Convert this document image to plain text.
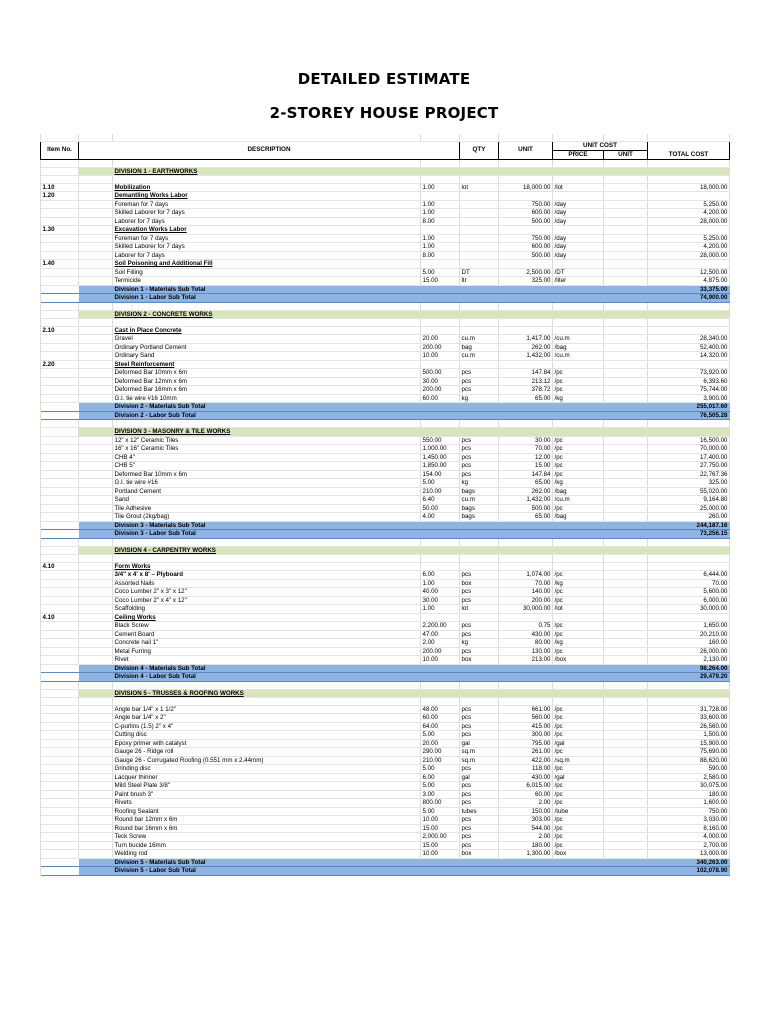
DETAILED ESTIMATE
2-STOREY HOUSE PROJECT

Item No.	DESCRIPTION			QTY	UNIT	UNIT COST		TOTAL COST
						PRICE	UNIT	

		DIVISION 1 - EARTHWORKS						

1.10		Mobilization	1.00	lot	18,000.00	/lot		18,000.00
1.20		Demantling Works Labor						
		Foreman for 7 days	1.00		750.00	/day		5,250.00
		Skilled Laborer for 7 days	1.00		600.00	/day		4,200.00
		Laborer for 7 days	8.00		500.00	/day		28,000.00
1.30		Excavation Works Labor						
		Foreman for 7 days	1.00		750.00	/day		5,250.00
		Skilled Laborer for 7 days	1.00		600.00	/day		4,200.00
		Laborer for 7 days	8.00		500.00	/day		28,000.00
1.40		Soil Poisoning and Additional Fill						
		Soil Filling	5.00	DT	2,500.00	/DT		12,500.00
		Termicide	15.00	ltr	325.00	/liter		4,875.00
		Division 1 - Materials Sub Total						33,375.00
		Division 1 - Labor Sub Total						74,900.00

		DIVISION 2 - CONCRETE WORKS						

2.10		Cast in Place Concrete						
		Gravel	20.00	cu.m	1,417.00	/cu.m		28,340.00
		Ordinary Portland Cement	200.00	bag	262.00	/bag		52,400.00
		Ordinary Sand	10.00	cu.m	1,432.00	/cu.m		14,320.00
2.20		Steel Reinforcement						
		Deformed Bar 10mm x 6m	500.00	pcs	147.84	/pc		73,920.00
		Deformed Bar 12mm x 6m	30.00	pcs	213.12	/pc		6,393.60
		Deformed Bar 16mm x 6m	200.00	pcs	378.72	/pc		75,744.00
		G.I. tie wire #16 10mm	60.00	kg	65.00	/kg		3,900.00
		Division 2 - Materials Sub Total						255,017.60
		Division 2 - Labor Sub Total						76,505.28

		DIVISION 3 - MASONRY & TILE WORKS						
		12" x 12" Ceramic Tiles	550.00	pcs	30.00	/pc		16,500.00
		16" x 16" Ceramic Tiles	1,000.00	pcs	70.00	/pc		70,000.00
		CHB 4"	1,450.00	pcs	12.00	/pc		17,400.00
		CHB 5"	1,850.00	pcs	15.00	/pc		27,750.00
		Deformed Bar 10mm x 6m	154.00	pcs	147.84	/pc		22,767.36
		G.I. tie wire #16	5.00	kg	65.00	/kg		325.00
		Portland Cement	210.00	bags	262.00	/bag		55,020.00
		Sand	6.40	cu.m	1,432.00	/cu.m		9,164.80
		Tile Adhesive	50.00	bags	500.00	/pc		25,000.00
		Tile Grout (2kg/bag)	4.00	bags	65.00	/bag		260.00
		Division 3 - Materials Sub Total						244,187.16
		Division 3 - Labor Sub Total						73,256.15

		DIVISION 4 - CARPENTRY WORKS						

4.10		Form Works						
		3/4" x 4' x 8' – Plyboard	6.00	pcs	1,074.00	/pc		6,444.00
		Assorted Nails	1.00	box	70.00	/kg		70.00
		Coco Lumber 2" x 3" x 12"	40.00	pcs	140.00	/pc		5,600.00
		Coco Lumber 2" x 4" x 12"	30.00	pcs	200.00	/pc		6,000.00
		Scaffolding	1.00	lot	30,000.00	/lot		30,000.00
4.10		Ceiling Works						
		Black Screw	2,200.00	pcs	0.75	/pc		1,650.00
		Cement Board	47.00	pcs	430.00	/pc		20,210.00
		Concrete nail 1"	2.00	kg	80.00	/kg		160.00
		Metal Furring	200.00	pcs	130.00	/pc		26,000.00
		Rivet	10.00	box	213.00	/box		2,130.00
		Division 4 - Materials Sub Total						98,264.00
		Division 4 - Labor Sub Total						29,479.20

		DIVISION 5 - TRUSSES & ROOFING WORKS						

		Angle bar 1/4" x 1 1/2"	48.00	pcs	661.00	/pc		31,728.00
		Angle bar 1/4" x 2"	60.00	pcs	560.00	/pc		33,600.00
		C-purlins (1.5) 2" x 4"	64.00	pcs	415.00	/pc		26,560.00
		Cutting disc	5.00	pcs	300.00	/pc		1,500.00
		Epoxy primer with catalyst	20.00	gal	795.00	/gal		15,900.00
		Gauge 26 - Ridge roll	290.00	sq.m	261.00	/pc		75,690.00
		Gauge 26 - Corrugated Roofing (0.551 mm x 2.44mm)	210.00	sq.m	422.00	/sq.m		88,620.00
		Grinding disc	5.00	pcs	118.00	/pc		590.00
		Lacquer thinner	6.00	gal	430.00	/gal		2,580.00
		Mild Steel Plate 3/8"	5.00	pcs	6,015.00	/pc		30,075.00
		Paint brush 3"	3.00	pcs	60.00	/pc		180.00
		Rivets	800.00	pcs	2.00	/pc		1,600.00
		Roofing Sealant	5.00	tubes	150.00	/tube		750.00
		Round bar 12mm x 6m	10.00	pcs	303.00	/pc		3,030.00
		Round bar 16mm x 6m	15.00	pcs	544.00	/pc		8,160.00
		Teck Screw	2,000.00	pcs	2.00	/pc		4,000.00
		Turn bucide 16mm	15.00	pcs	180.00	/pc		2,700.00
		Welding rod	10.00	box	1,300.00	/box		13,000.00
		Division 5 - Materials Sub Total						340,263.00
		Division 5 - Labor Sub Total						102,078.90
